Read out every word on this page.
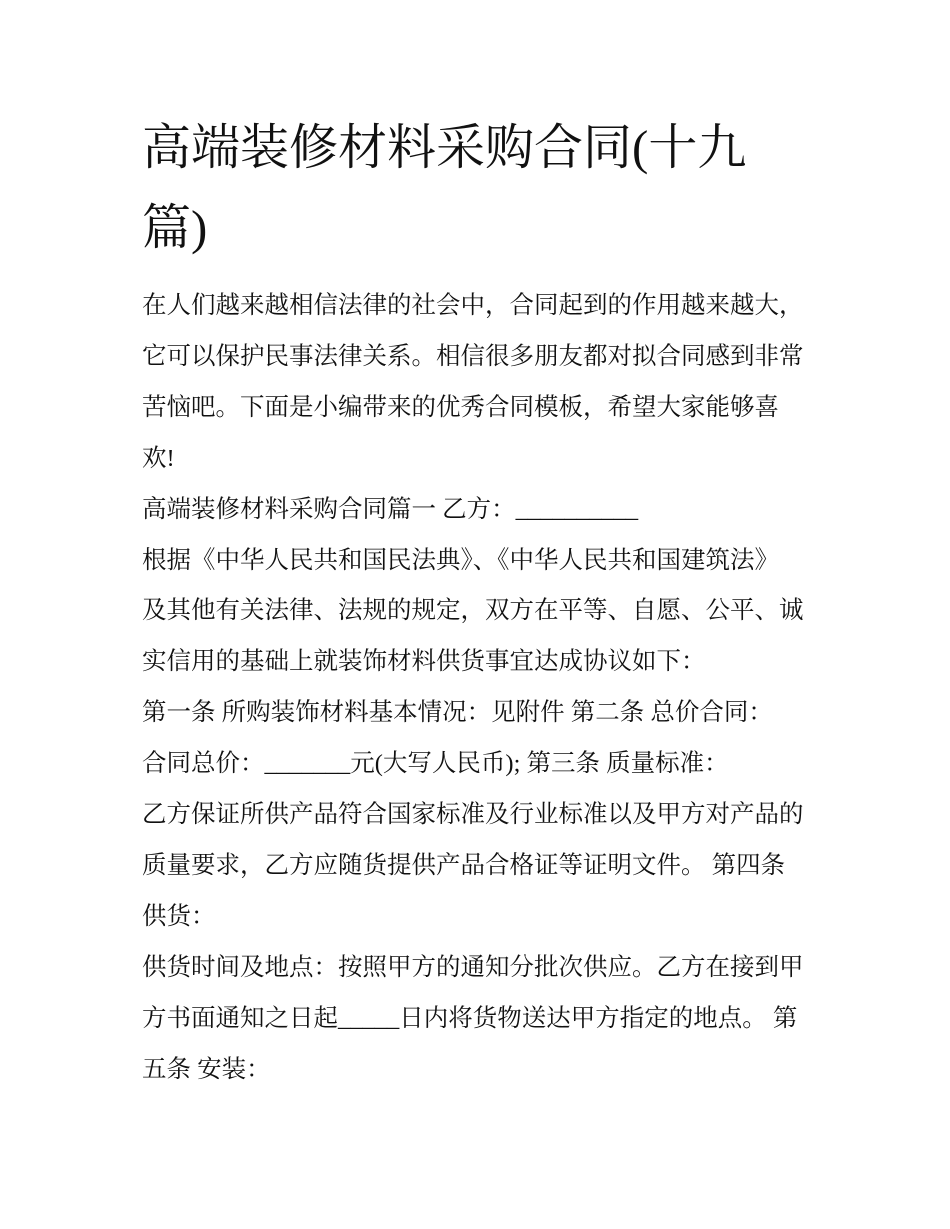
高端装修材料采购合同(十九
篇)
在人们越来越相信法律的社会中，合同起到的作用越来越大，
它可以保护民事法律关系。相信很多朋友都对拟合同感到非常
苦恼吧。下面是小编带来的优秀合同模板，希望大家能够喜
欢!
高端装修材料采购合同篇一 乙方：__________
根据《中华人民共和国民法典》、《中华人民共和国建筑法》
及其他有关法律、法规的规定，双方在平等、自愿、公平、诚
实信用的基础上就装饰材料供货事宜达成协议如下：
第一条 所购装饰材料基本情况：见附件 第二条 总价合同：
合同总价：_______元(大写人民币); 第三条 质量标准：
乙方保证所供产品符合国家标准及行业标准以及甲方对产品的
质量要求，乙方应随货提供产品合格证等证明文件。 第四条
供货：
供货时间及地点：按照甲方的通知分批次供应。乙方在接到甲
方书面通知之日起_____日内将货物送达甲方指定的地点。 第
五条 安装：
